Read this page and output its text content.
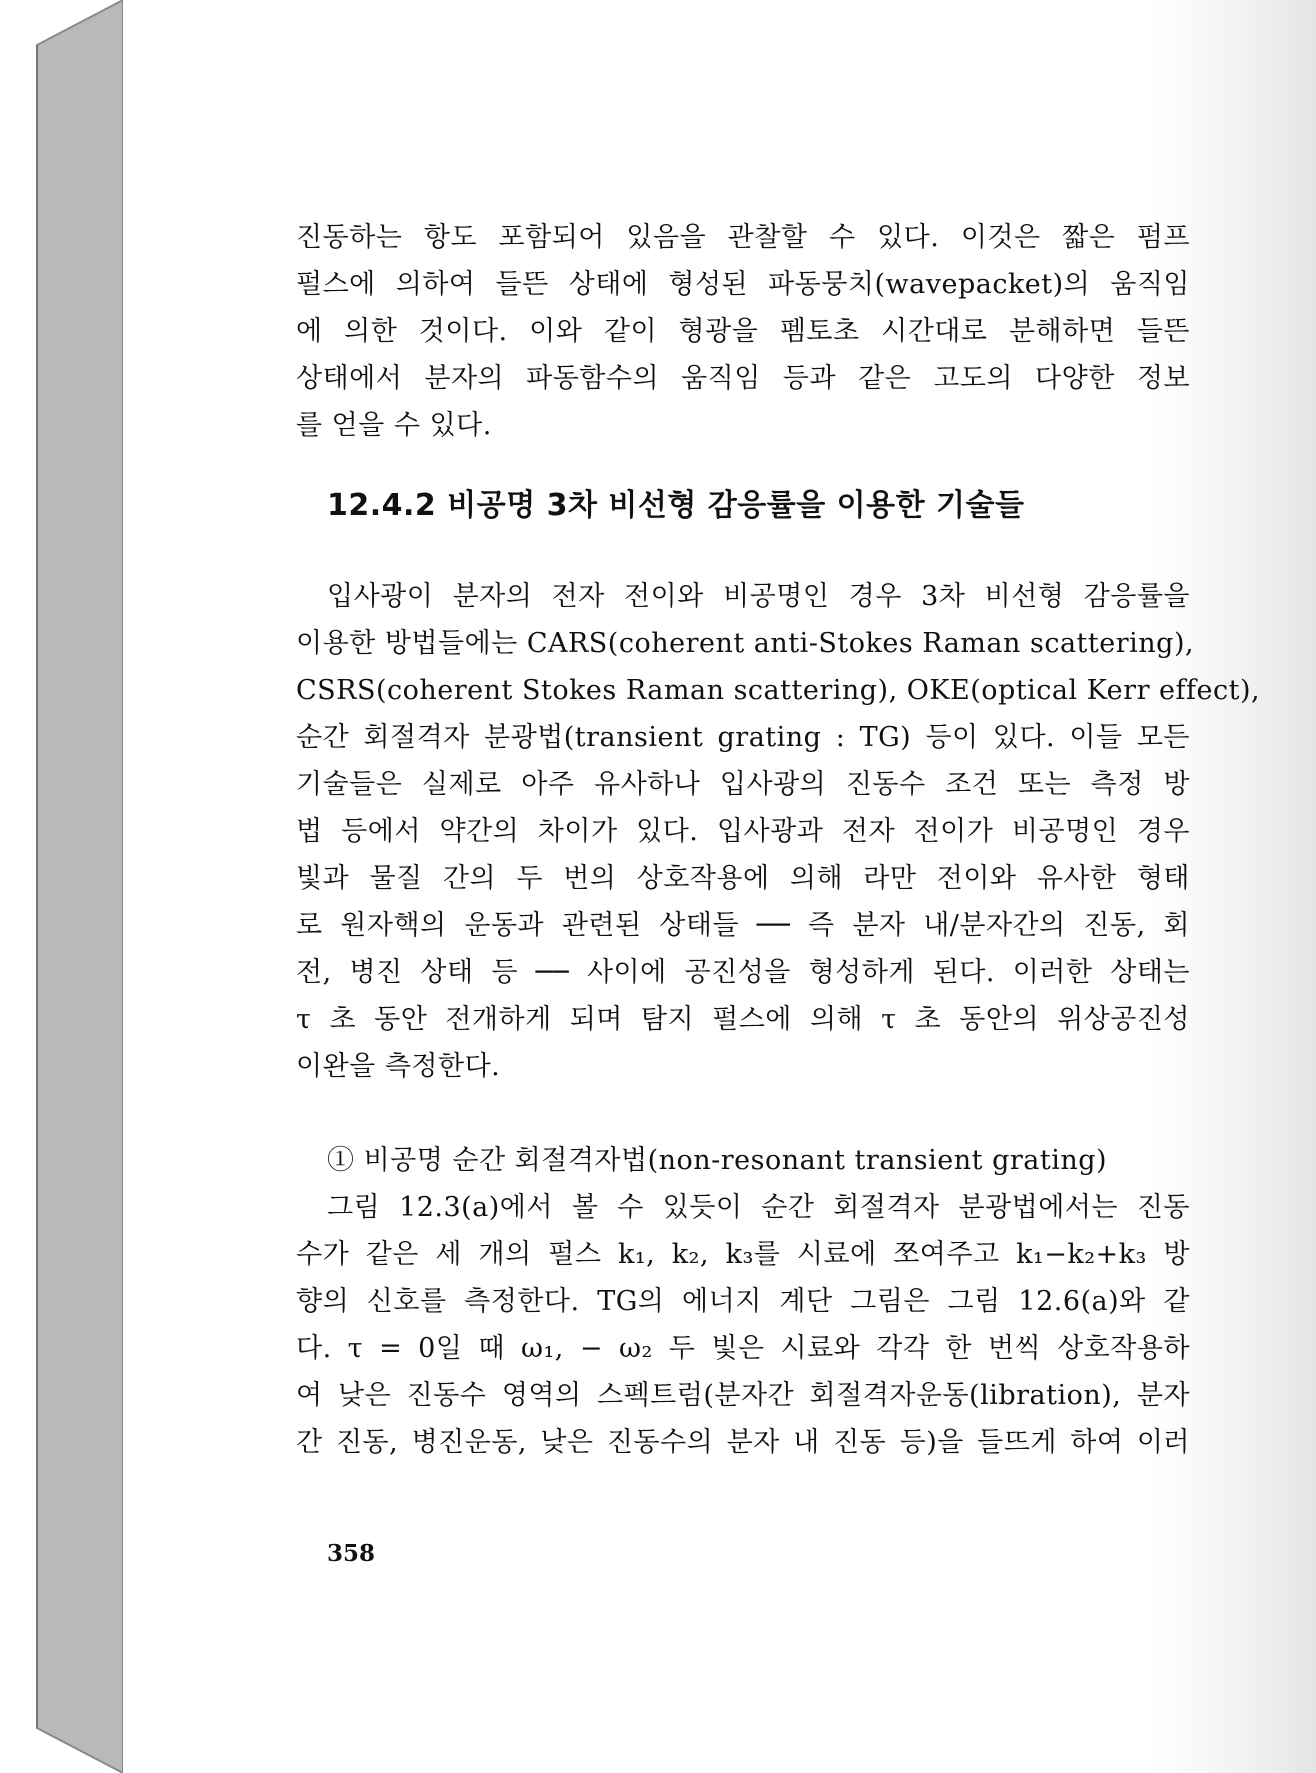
진동하는 항도 포함되어 있음을 관찰할 수 있다. 이것은 짧은 펌프

펄스에 의하여 들뜬 상태에 형성된 파동뭉치(wavepacket)의 움직임

에 의한 것이다. 이와 같이 형광을 펨토초 시간대로 분해하면 들뜬

상태에서 분자의 파동함수의 움직임 등과 같은 고도의 다양한 정보

를 얻을 수 있다.

12.4.2 비공명 3차 비선형 감응률을 이용한 기술들

입사광이 분자의 전자 전이와 비공명인 경우 3차 비선형 감응률을

이용한 방법들에는 CARS(coherent anti-Stokes Raman scattering),

CSRS(coherent Stokes Raman scattering), OKE(optical Kerr effect),

순간 회절격자 분광법(transient grating : TG) 등이 있다. 이들 모든

기술들은 실제로 아주 유사하나 입사광의 진동수 조건 또는 측정 방

법 등에서 약간의 차이가 있다. 입사광과 전자 전이가 비공명인 경우

빛과 물질 간의 두 번의 상호작용에 의해 라만 전이와 유사한 형태

로 원자핵의 운동과 관련된 상태들 ── 즉 분자 내/분자간의 진동, 회

전, 병진 상태 등 ── 사이에 공진성을 형성하게 된다. 이러한 상태는

τ 초 동안 전개하게 되며 탐지 펄스에 의해 τ 초 동안의 위상공진성

이완을 측정한다.

① 비공명 순간 회절격자법(non-resonant transient grating)

그림 12.3(a)에서 볼 수 있듯이 순간 회절격자 분광법에서는 진동

수가 같은 세 개의 펄스 k₁, k₂, k₃를 시료에 쪼여주고 k₁−k₂+k₃ 방

향의 신호를 측정한다. TG의 에너지 계단 그림은 그림 12.6(a)와 같

다. τ = 0일 때 ω₁, − ω₂ 두 빛은 시료와 각각 한 번씩 상호작용하

여 낮은 진동수 영역의 스펙트럼(분자간 회절격자운동(libration), 분자

간 진동, 병진운동, 낮은 진동수의 분자 내 진동 등)을 들뜨게 하여 이러

358
